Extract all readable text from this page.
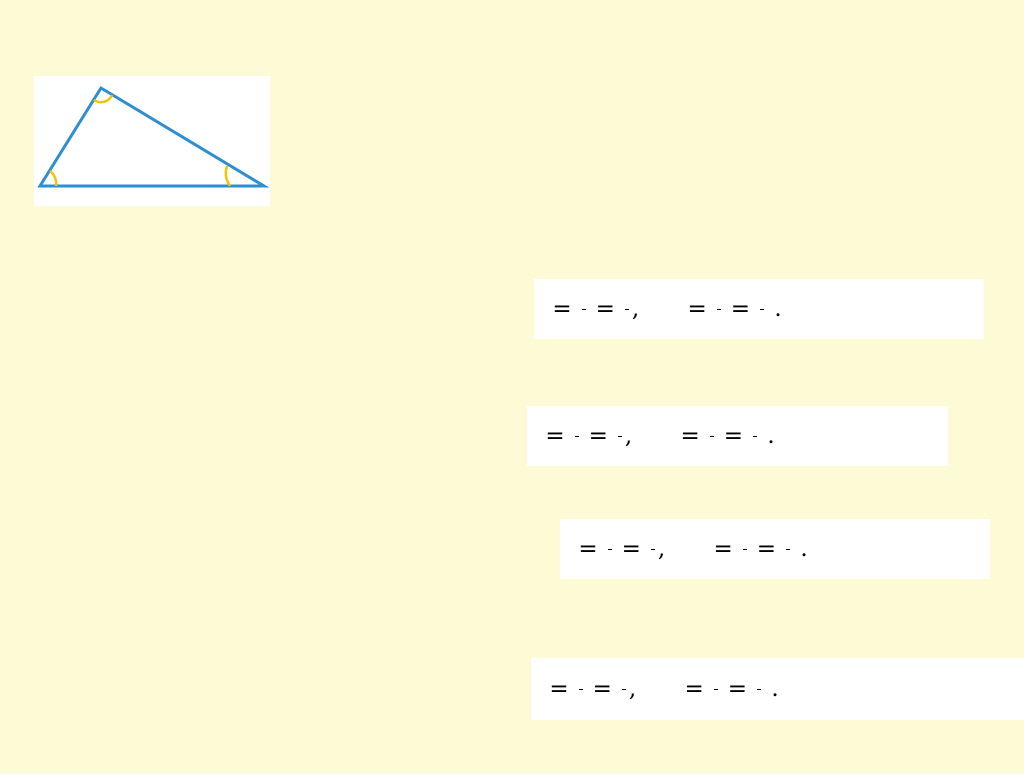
= = ,
= = .

= = ,
= = .

= = ,
= = .

= = ,
= = .
